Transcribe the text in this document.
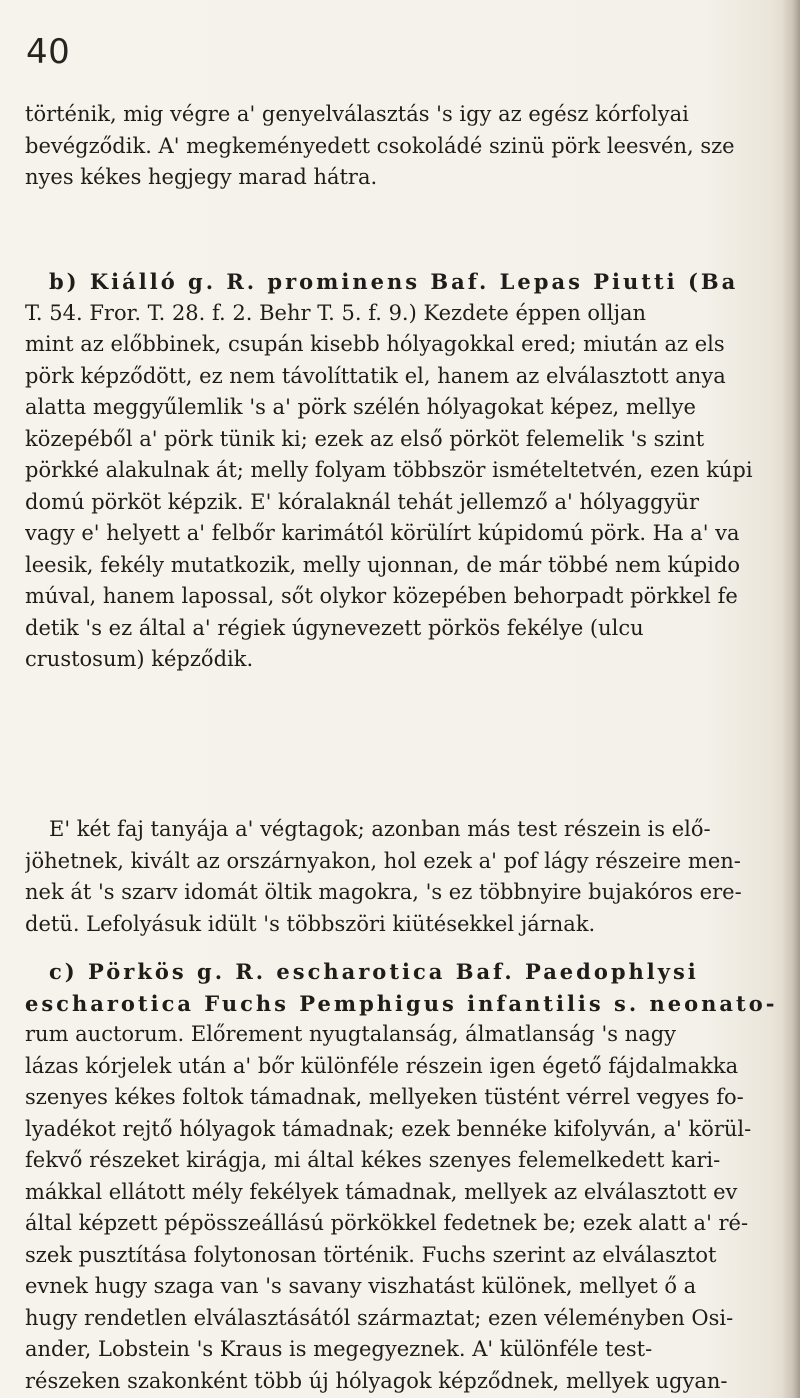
40
történik, mig végre a' genyelválasztás 's igy az egész kórfolyai
bevégződik. A' megkeményedett csokoládé szinü pörk leesvén, sze
nyes kékes hegjegy marad hátra.
b) Kiálló g. R. prominens Baf. Lepas Piutti (Ba
T. 54. Fror. T. 28. f. 2. Behr T. 5. f. 9.) Kezdete éppen olljan
mint az előbbinek, csupán kisebb hólyagokkal ered; miután az els
pörk képződött, ez nem távolíttatik el, hanem az elválasztott anya
alatta meggyűlemlik 's a' pörk szélén hólyagokat képez, mellye
közepéből a' pörk tünik ki; ezek az első pörköt felemelik 's szint
pörkké alakulnak át; melly folyam többször ismételtetvén, ezen kúpi
domú pörköt képzik. E' kóralaknál tehát jellemző a' hólyaggyür
vagy e' helyett a' felbőr karimától körülírt kúpidomú pörk. Ha a' va
leesik, fekély mutatkozik, melly ujonnan, de már többé nem kúpido
múval, hanem lapossal, sőt olykor közepében behorpadt pörkkel fe
detik 's ez által a' régiek úgynevezett pörkös fekélye (ulcu
crustosum) képződik.
E' két faj tanyája a' végtagok; azonban más test részein is elő-
jöhetnek, kivált az orszárnyakon, hol ezek a' pof lágy részeire men-
nek át 's szarv idomát öltik magokra, 's ez többnyire bujakóros ere-
detü. Lefolyásuk idült 's többszöri kiütésekkel járnak.
c) Pörkös g. R. escharotica Baf. Paedophlysi
escharotica Fuchs Pemphigus infantilis s. neonato-
rum auctorum. Előrement nyugtalanság, álmatlanság 's nagy
lázas kórjelek után a' bőr különféle részein igen égető fájdalmakka
szenyes kékes foltok támadnak, mellyeken tüstént vérrel vegyes fo-
lyadékot rejtő hólyagok támadnak; ezek bennékе kifolyván, a' körül-
fekvő részeket kirágja, mi által kékes szenyes felemelkedett kari-
mákkal ellátott mély fekélyek támadnak, mellyek az elválasztott ev
által képzett pépösszeállású pörkökkel fedetnek be; ezek alatt a' ré-
szek pusztítása folytonosan történik. Fuchs szerint az elválasztot
evnek hugy szaga van 's savany viszhatást különek, mellyet ő a
hugy rendetlen elválasztásától származtat; ezen véleményben Osi-
ander, Lobstein 's Kraus is megegyeznek. A' különféle test-
részeken szakonként több új hólyagok képződnek, mellyek ugyan-
